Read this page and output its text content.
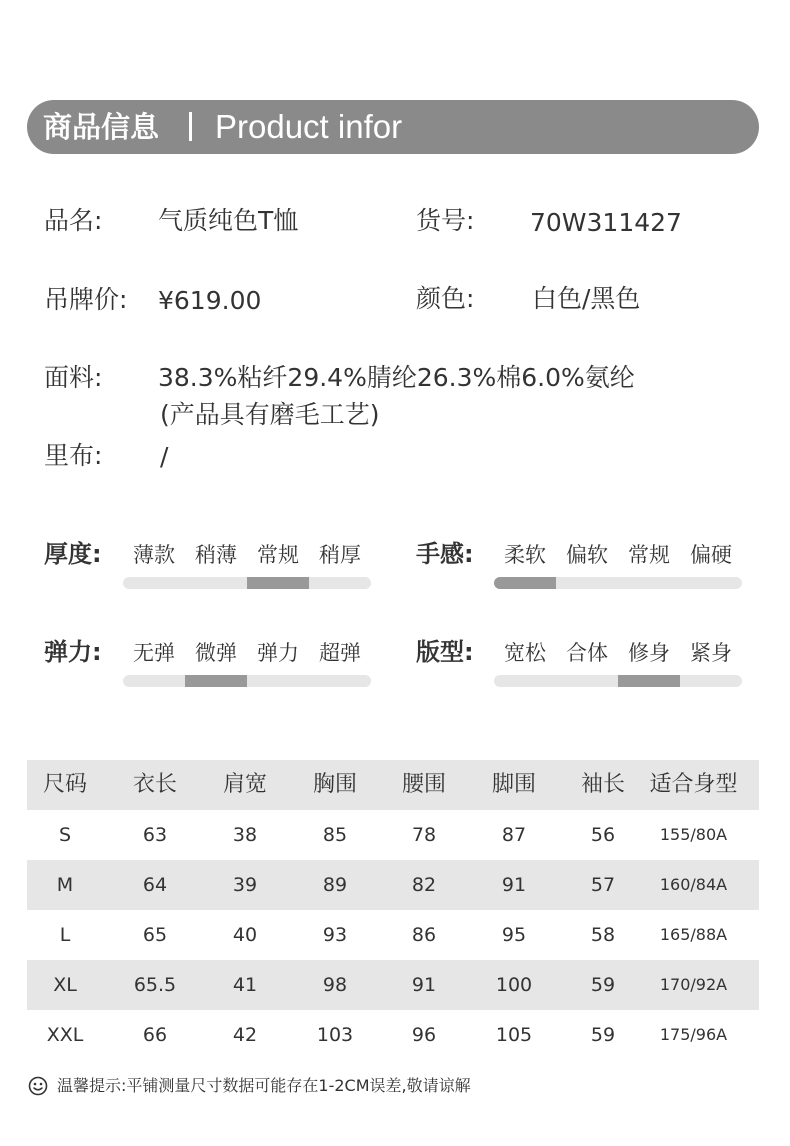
商品信息 Product infor
品名: 气质纯色T恤	货号: 70W311427
吊牌价: ¥619.00	颜色: 白色/黑色
面料: 38.3%粘纤29.4%腈纶26.3%棉6.0%氨纶
(产品具有磨毛工艺)
里布: /
厚度:	薄款 稍薄 常规 稍厚	手感:	柔软 偏软 常规 偏硬
弹力:	无弹 微弹 弹力 超弹	版型:	宽松 合体 修身 紧身
尺码	衣长	肩宽	胸围	腰围	脚围	袖长	适合身型
S	63	38	85	78	87	56	155/80A
M	64	39	89	82	91	57	160/84A
L	65	40	93	86	95	58	165/88A
XL	65.5	41	98	91	100	59	170/92A
XXL	66	42	103	96	105	59	175/96A
温馨提示:平铺测量尺寸数据可能存在1-2CM误差,敬请谅解
